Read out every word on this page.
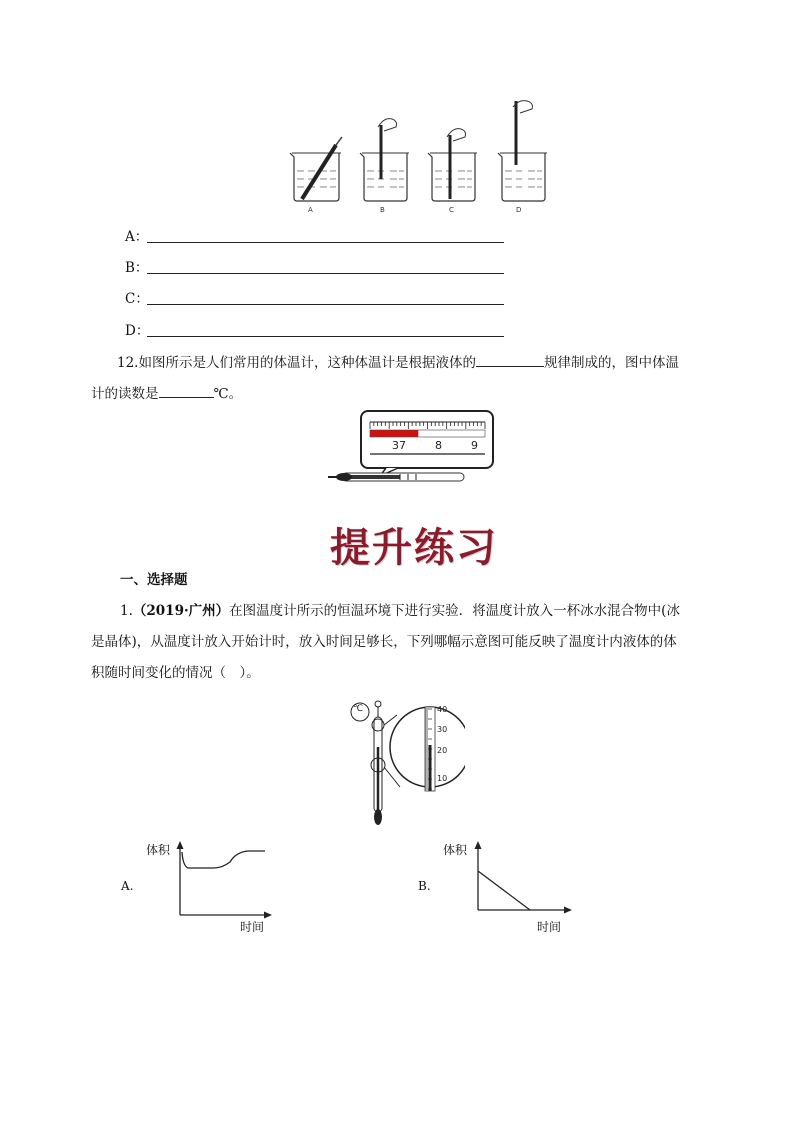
A	B	C	D
A：
B：
C：
D：
12.如图所示是人们常用的体温计，这种体温计是根据液体的	规律制成的，图中体温
计的读数是	℃。
37	8	9
提升练习
一、选择题
1.（2019·广州）在图温度计所示的恒温环境下进行实验．将温度计放入一杯冰水混合物中(冰
是晶体)，从温度计放入开始计时，放入时间足够长，下列哪幅示意图可能反映了温度计内液体的体
积随时间变化的情况（　）。
℃	40
30
20
10
A.
体积
时间
B.
体积
时间
